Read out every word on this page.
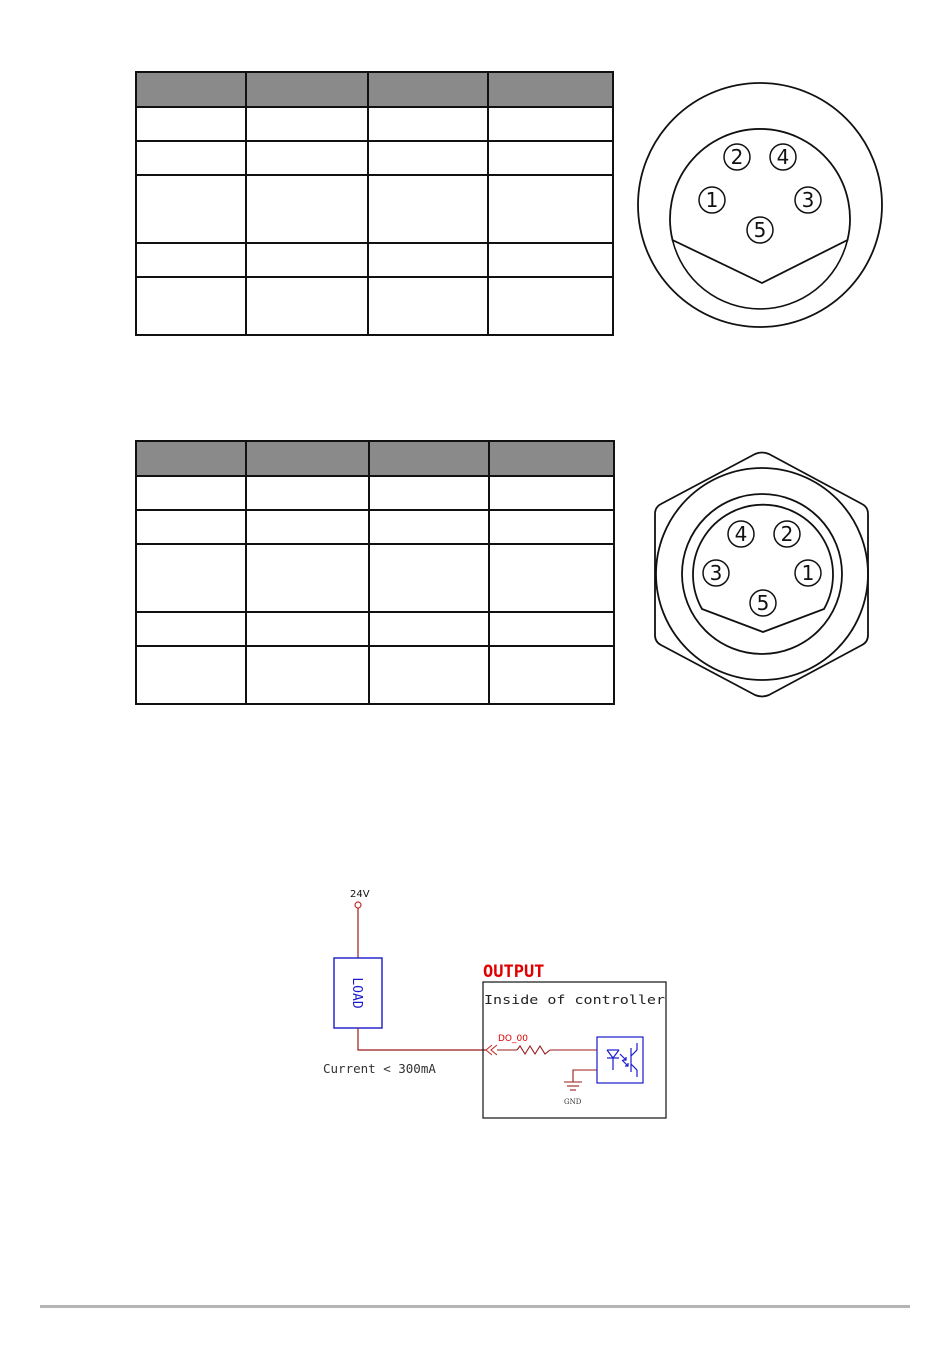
2 4
1	3
5
4 2
3	1
5
24V
LOAD
Current < 300mA
OUTPUT
Inside of controller
DO_00
GND
